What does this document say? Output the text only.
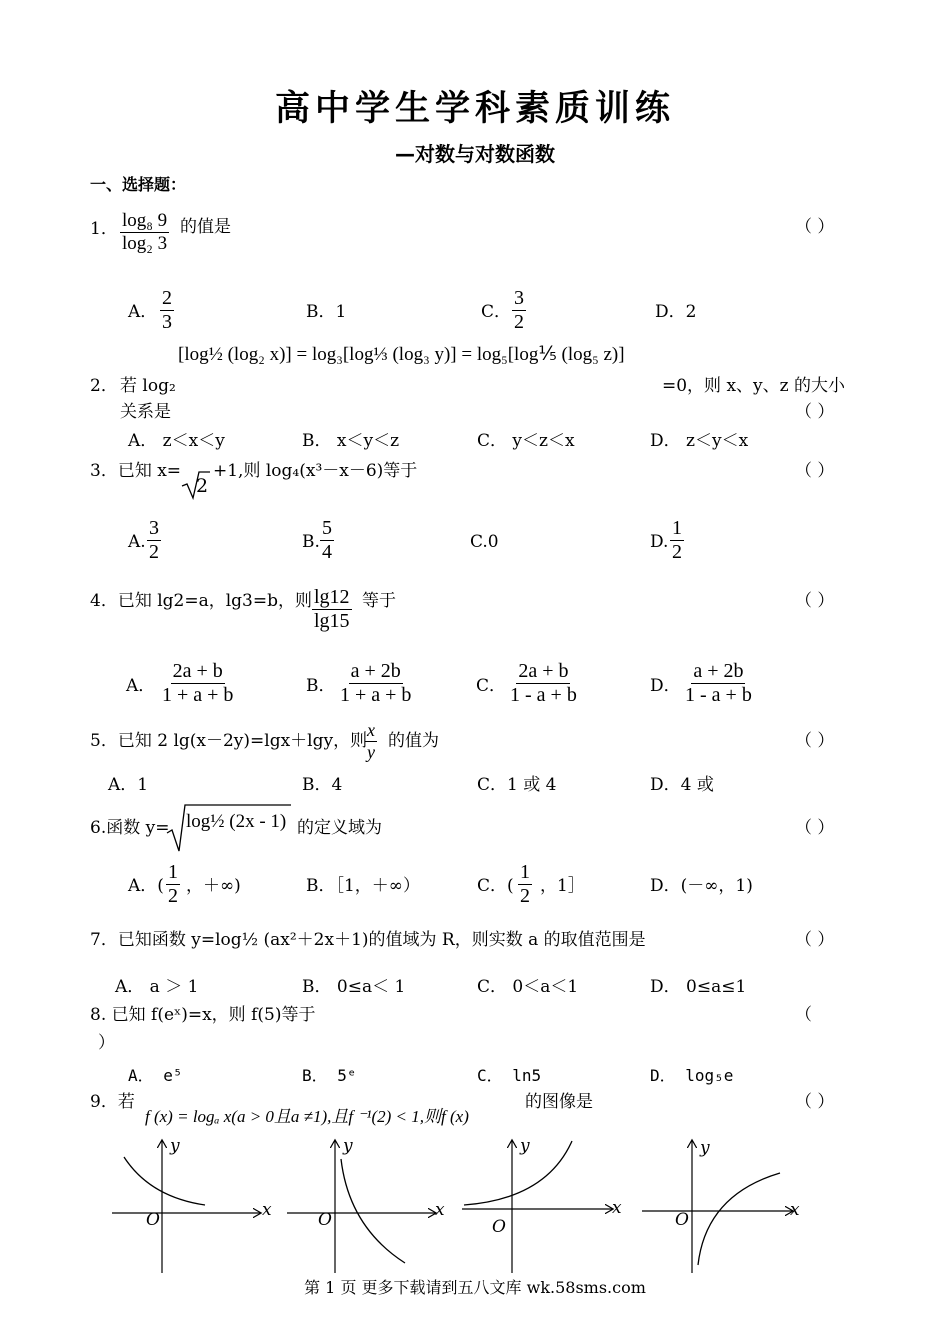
高中学生学科素质训练
—对数与对数函数
一、选择题：
1． $\frac{\text{log₈ 9}}{\text{log₂ 3}}$ 的值是	（ ）
A． $\frac{2}{3}$	B．1	C． $\frac{3}{2}$	D．2
[log½ (log₂ x)] = log₃[log⅓ (log₃ y)] = log₅[log⅕ (log₅ z)]
2． 若 log₂	=0，则 x、y、z 的大小
关系是	（ ）
A． z＜x＜y	B． x＜y＜z	C． y＜z＜x	D． z＜y＜x
3．已知 x=
2
+1,则 log₄(x³－x－6)等于	（ ）
A. $\frac{3}{2}$	B. $\frac{5}{4}$	C.0	D. $\frac{1}{2}$
4．已知 lg2=a，lg3=b，则 $\frac{\lg 12}{\lg 15}$ 等于	（ ）
A． $\frac{2a + b}{1 + a + b}$	B． $\frac{a + 2b}{1 + a + b}$	C． $\frac{2a + b}{1 - a + b}$	D． $\frac{a + 2b}{1 - a + b}$
5．已知 2 lg(x－2y)=lgx＋lgy，则
$\frac{x}{y}$ 的值为	（ ）
A．1	B．4	C．1 或 4	D．4 或
6.函数 y= log½ (2x - 1) 的定义域为	（ ）
A．( $\frac{1}{2}$ ，＋∞)	B．［1，＋∞）	C．( $\frac{1}{2}$ ，1］	D．(－∞，1)
7．已知函数 y=log½ (ax²＋2x＋1)的值域为 R，则实数 a 的取值范围是	（ ）
A． a ＞ 1	B． 0≤a＜ 1	C． 0＜a＜1	D． 0≤a≤1
8. 已知 f(eˣ)=x，则 f(5)等于	（
）
A． e⁵	B． 5ᵉ	C． ln5	D． log₅e
9．若
f (x) = logₐ x(a > 0且a ≠1),且f ⁻¹(2) < 1,则f (x)
的图像是	（ ）
y
x
O
y
x
O
y
x
O
y
x
O
第 1 页 更多下载请到五八文库 wk.58sms.com
